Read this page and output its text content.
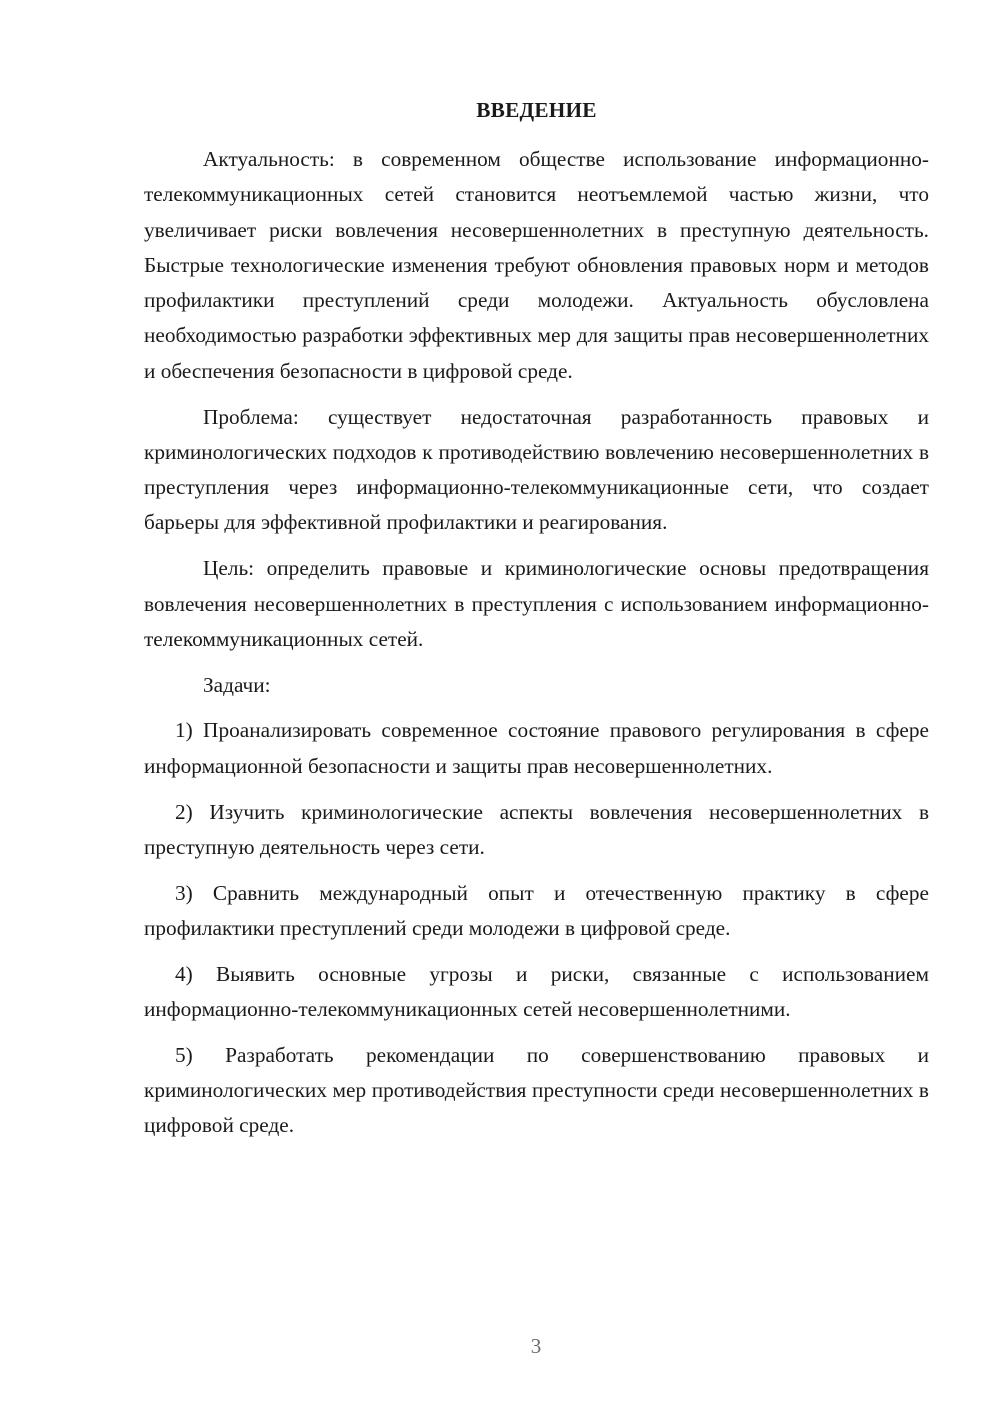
ВВЕДЕНИЕ

Актуальность: в современном обществе использование информационно-телекоммуникационных сетей становится неотъемлемой частью жизни, что увеличивает риски вовлечения несовершеннолетних в преступную деятельность. Быстрые технологические изменения требуют обновления правовых норм и методов профилактики преступлений среди молодежи. Актуальность обусловлена необходимостью разработки эффективных мер для защиты прав несовершеннолетних и обеспечения безопасности в цифровой среде.

Проблема: существует недостаточная разработанность правовых и криминологических подходов к противодействию вовлечению несовершеннолетних в преступления через информационно-телекоммуникационные сети, что создает барьеры для эффективной профилактики и реагирования.

Цель: определить правовые и криминологические основы предотвращения вовлечения несовершеннолетних в преступления с использованием информационно-телекоммуникационных сетей.

Задачи:

1) Проанализировать современное состояние правового регулирования в сфере информационной безопасности и защиты прав несовершеннолетних.

2) Изучить криминологические аспекты вовлечения несовершеннолетних в преступную деятельность через сети.

3) Сравнить международный опыт и отечественную практику в сфере профилактики преступлений среди молодежи в цифровой среде.

4) Выявить основные угрозы и риски, связанные с использованием информационно-телекоммуникационных сетей несовершеннолетними.

5) Разработать рекомендации по совершенствованию правовых и криминологических мер противодействия преступности среди несовершеннолетних в цифровой среде.

3
